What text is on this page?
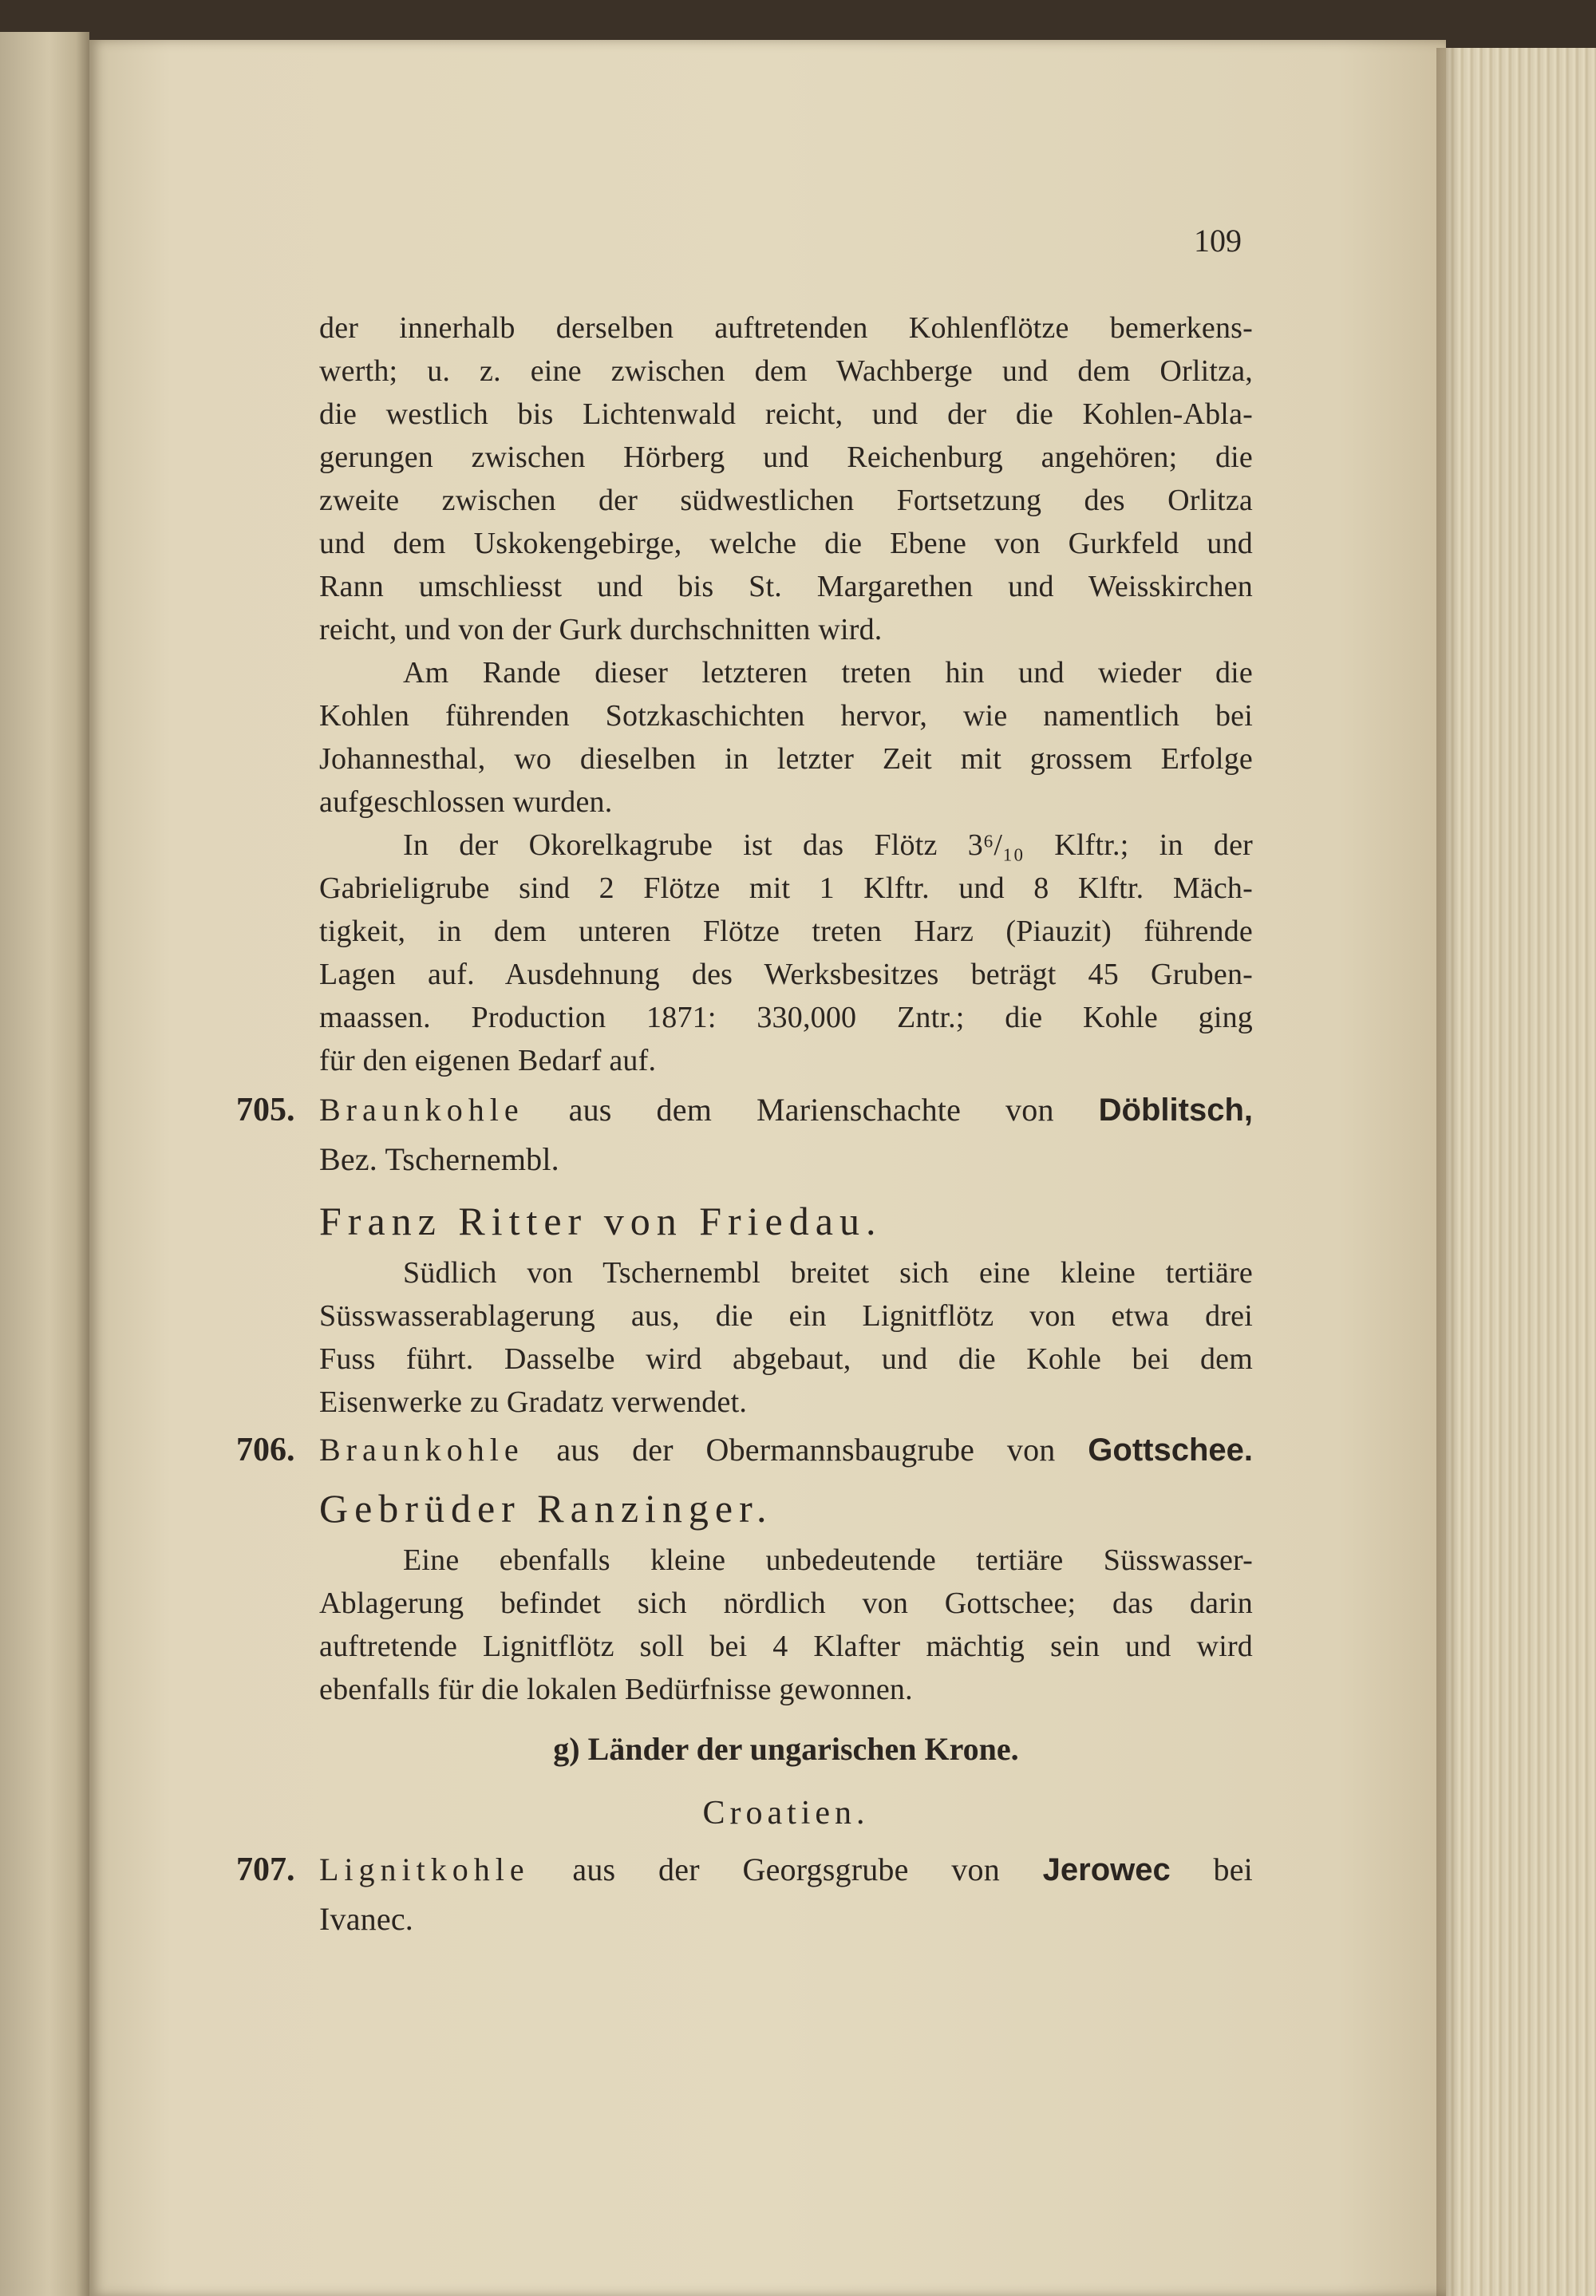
109
der innerhalb derselben auftretenden Kohlenflötze bemerkens-
werth; u. z. eine zwischen dem Wachberge und dem Orlitza,
die westlich bis Lichtenwald reicht, und der die Kohlen-Abla-
gerungen zwischen Hörberg und Reichenburg angehören; die
zweite zwischen der südwestlichen Fortsetzung des Orlitza
und dem Uskokengebirge, welche die Ebene von Gurkfeld und
Rann umschliesst und bis St. Margarethen und Weisskirchen
reicht, und von der Gurk durchschnitten wird.
Am Rande dieser letzteren treten hin und wieder die
Kohlen führenden Sotzkaschichten hervor, wie namentlich bei
Johannesthal, wo dieselben in letzter Zeit mit grossem Erfolge
aufgeschlossen wurden.
In der Okorelkagrube ist das Flötz 3⁶/₁₀ Klftr.; in der
Gabrieligrube sind 2 Flötze mit 1 Klftr. und 8 Klftr. Mäch-
tigkeit, in dem unteren Flötze treten Harz (Piauzit) führende
Lagen auf. Ausdehnung des Werksbesitzes beträgt 45 Gruben-
maassen. Production 1871: 330,000 Zntr.; die Kohle ging
für den eigenen Bedarf auf.
705. Braunkohle aus dem Marienschachte von Döblitsch,
Bez. Tschernembl.
Franz Ritter von Friedau.
Südlich von Tschernembl breitet sich eine kleine tertiäre
Süsswasserablagerung aus, die ein Lignitflötz von etwa drei
Fuss führt. Dasselbe wird abgebaut, und die Kohle bei dem
Eisenwerke zu Gradatz verwendet.
706. Braunkohle aus der Obermannsbaugrube von Gottschee.
Gebrüder Ranzinger.
Eine ebenfalls kleine unbedeutende tertiäre Süsswasser-
Ablagerung befindet sich nördlich von Gottschee; das darin
auftretende Lignitflötz soll bei 4 Klafter mächtig sein und wird
ebenfalls für die lokalen Bedürfnisse gewonnen.
g) Länder der ungarischen Krone.
Croatien.
707. Lignitkohle aus der Georgsgrube von Jerowec bei
Ivanec.
